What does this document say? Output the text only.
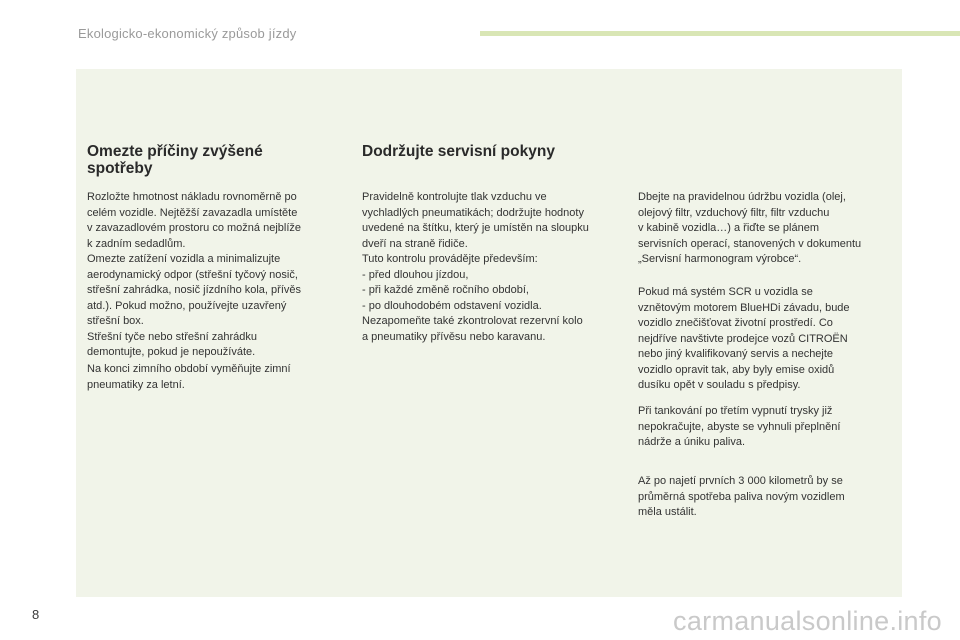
Ekologicko-ekonomický způsob jízdy
Omezte příčiny zvýšené
spotřeby
Rozložte hmotnost nákladu rovnoměrně po
celém vozidle. Nejtěžší zavazadla umístěte
v zavazadlovém prostoru co možná nejblíže
k zadním sedadlům.
Omezte zatížení vozidla a minimalizujte
aerodynamický odpor (střešní tyčový nosič,
střešní zahrádka, nosič jízdního kola, přívěs
atd.). Pokud možno, používejte uzavřený
střešní box.
Střešní tyče nebo střešní zahrádku
demontujte, pokud je nepoužíváte.
Na konci zimního období vyměňujte zimní
pneumatiky za letní.
Dodržujte servisní pokyny
Pravidelně kontrolujte tlak vzduchu ve
vychladlých pneumatikách; dodržujte hodnoty
uvedené na štítku, který je umístěn na sloupku
dveří na straně řidiče.
Tuto kontrolu provádějte především:
- před dlouhou jízdou,
- při každé změně ročního období,
- po dlouhodobém odstavení vozidla.
Nezapomeňte také zkontrolovat rezervní kolo
a pneumatiky přívěsu nebo karavanu.
Dbejte na pravidelnou údržbu vozidla (olej,
olejový filtr, vzduchový filtr, filtr vzduchu
v kabině vozidla…) a řiďte se plánem
servisních operací, stanovených v dokumentu
„Servisní harmonogram výrobce“.
Pokud má systém SCR u vozidla se
vznětovým motorem BlueHDi závadu, bude
vozidlo znečišťovat životní prostředí. Co
nejdříve navštivte prodejce vozů CITROËN
nebo jiný kvalifikovaný servis a nechejte
vozidlo opravit tak, aby byly emise oxidů
dusíku opět v souladu s předpisy.
Při tankování po třetím vypnutí trysky již
nepokračujte, abyste se vyhnuli přeplnění
nádrže a úniku paliva.
Až po najetí prvních 3 000 kilometrů by se
průměrná spotřeba paliva novým vozidlem
měla ustálit.
8	carmanualsonline.info
